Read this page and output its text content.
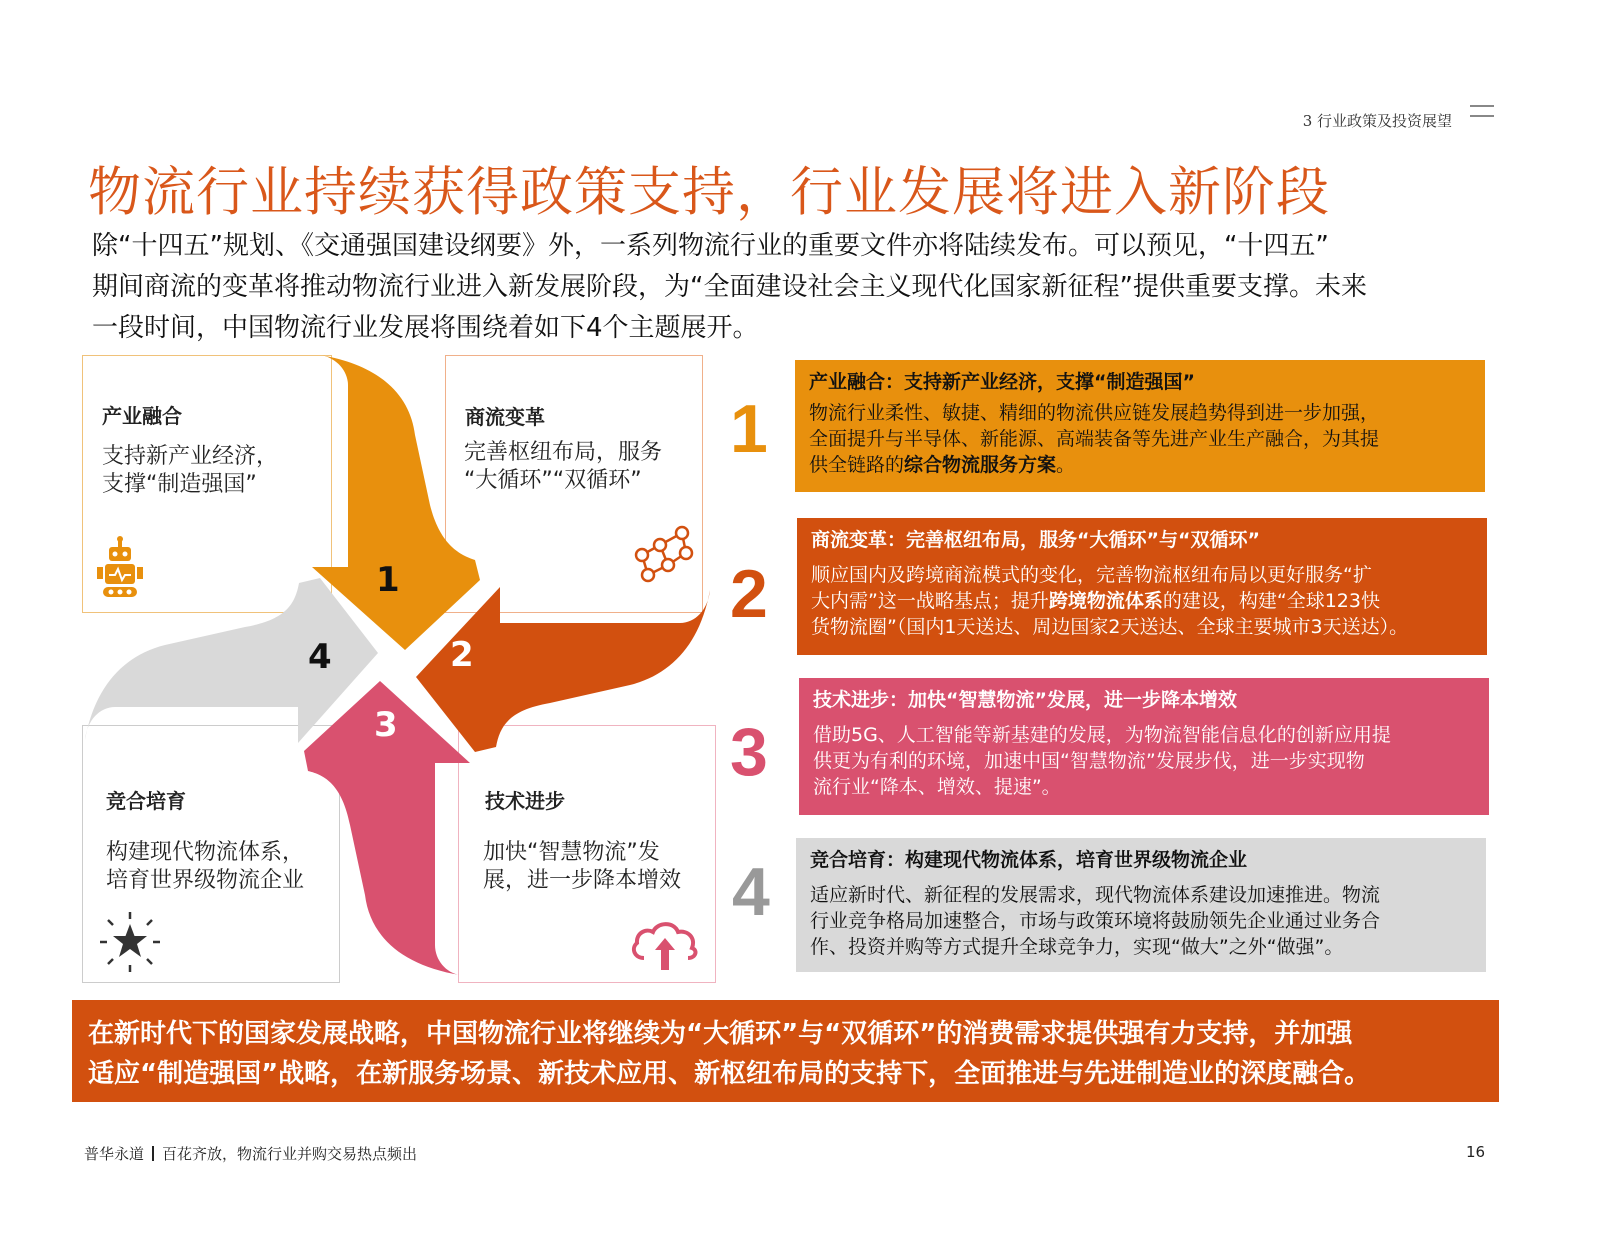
3 行业政策及投资展望
物流行业持续获得政策支持，行业发展将进入新阶段
除“十四五”规划、《交通强国建设纲要》外，一系列物流行业的重要文件亦将陆续发布。可以预见，“十四五”
期间商流的变革将推动物流行业进入新发展阶段，为“全面建设社会主义现代化国家新征程”提供重要支撑。未来
一段时间，中国物流行业发展将围绕着如下4个主题展开。
1
2
3
4
产业融合
支持新产业经济，
支撑“制造强国”
商流变革
完善枢纽布局，服务
“大循环”“双循环”
竞合培育
构建现代物流体系，
培育世界级物流企业
技术进步
加快“智慧物流”发
展，进一步降本增效
1
产业融合：支持新产业经济，支撑“制造强国”
物流行业柔性、敏捷、精细的物流供应链发展趋势得到进一步加强，
全面提升与半导体、新能源、高端装备等先进产业生产融合，为其提
供全链路的综合物流服务方案。
2
商流变革：完善枢纽布局，服务“大循环”与“双循环”
顺应国内及跨境商流模式的变化，完善物流枢纽布局以更好服务“扩
大内需”这一战略基点；提升跨境物流体系的建设，构建“全球123快
货物流圈”（国内1天送达、周边国家2天送达、全球主要城市3天送达）。
3
技术进步：加快“智慧物流”发展，进一步降本增效
借助5G、人工智能等新基建的发展，为物流智能信息化的创新应用提
供更为有利的环境，加速中国“智慧物流”发展步伐，进一步实现物
流行业“降本、增效、提速”。
4 竞合培育：构建现代物流体系，培育世界级物流企业
适应新时代、新征程的发展需求，现代物流体系建设加速推进。物流
行业竞争格局加速整合，市场与政策环境将鼓励领先企业通过业务合
作、投资并购等方式提升全球竞争力，实现“做大”之外“做强”。
在新时代下的国家发展战略，中国物流行业将继续为“大循环”与“双循环”的消费需求提供强有力支持，并加强
适应“制造强国”战略，在新服务场景、新技术应用、新枢纽布局的支持下，全面推进与先进制造业的深度融合。
普华永道 百花齐放，物流行业并购交易热点频出	16
